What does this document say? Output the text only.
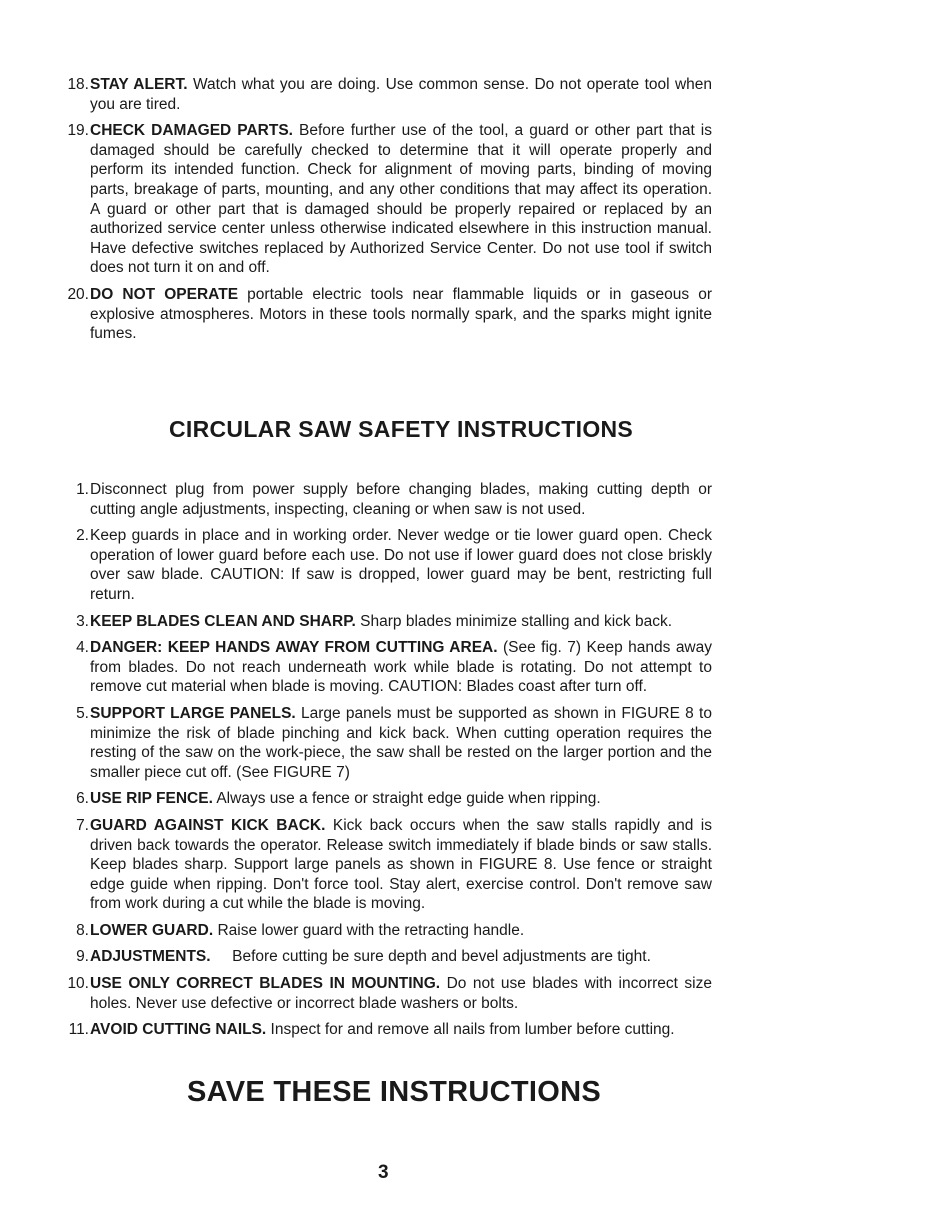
18. STAY ALERT. Watch what you are doing. Use common sense. Do not operate tool when you are tired.
19. CHECK DAMAGED PARTS. Before further use of the tool, a guard or other part that is damaged should be carefully checked to determine that it will operate properly and perform its intended function. Check for alignment of moving parts, binding of moving parts, breakage of parts, mounting, and any other conditions that may affect its operation. A guard or other part that is damaged should be properly repaired or replaced by an authorized service center unless otherwise indicated elsewhere in this instruction manual. Have defective switches replaced by Authorized Service Center. Do not use tool if switch does not turn it on and off.
20. DO NOT OPERATE portable electric tools near flammable liquids or in gaseous or explosive atmospheres. Motors in these tools normally spark, and the sparks might ignite fumes.
CIRCULAR SAW SAFETY INSTRUCTIONS
1. Disconnect plug from power supply before changing blades, making cutting depth or cutting angle adjustments, inspecting, cleaning or when saw is not used.
2. Keep guards in place and in working order. Never wedge or tie lower guard open. Check operation of lower guard before each use. Do not use if lower guard does not close briskly over saw blade. CAUTION: If saw is dropped, lower guard may be bent, restricting full return.
3. KEEP BLADES CLEAN AND SHARP. Sharp blades minimize stalling and kick back.
4. DANGER: KEEP HANDS AWAY FROM CUTTING AREA. (See fig. 7) Keep hands away from blades. Do not reach underneath work while blade is rotating. Do not attempt to remove cut material when blade is moving. CAUTION: Blades coast after turn off.
5. SUPPORT LARGE PANELS. Large panels must be supported as shown in FIGURE 8 to minimize the risk of blade pinching and kick back. When cutting operation requires the resting of the saw on the work-piece, the saw shall be rested on the larger portion and the smaller piece cut off. (See FIGURE 7)
6. USE RIP FENCE. Always use a fence or straight edge guide when ripping.
7. GUARD AGAINST KICK BACK. Kick back occurs when the saw stalls rapidly and is driven back towards the operator. Release switch immediately if blade binds or saw stalls. Keep blades sharp. Support large panels as shown in FIGURE 8. Use fence or straight edge guide when ripping. Don't force tool. Stay alert, exercise control. Don't remove saw from work during a cut while the blade is moving.
8. LOWER GUARD. Raise lower guard with the retracting handle.
9. ADJUSTMENTS.     Before cutting be sure depth and bevel adjustments are tight.
10. USE ONLY CORRECT BLADES IN MOUNTING. Do not use blades with incorrect size holes. Never use defective or incorrect blade washers or bolts.
11. AVOID CUTTING NAILS. Inspect for and remove all nails from lumber before cutting.
SAVE THESE INSTRUCTIONS
3
